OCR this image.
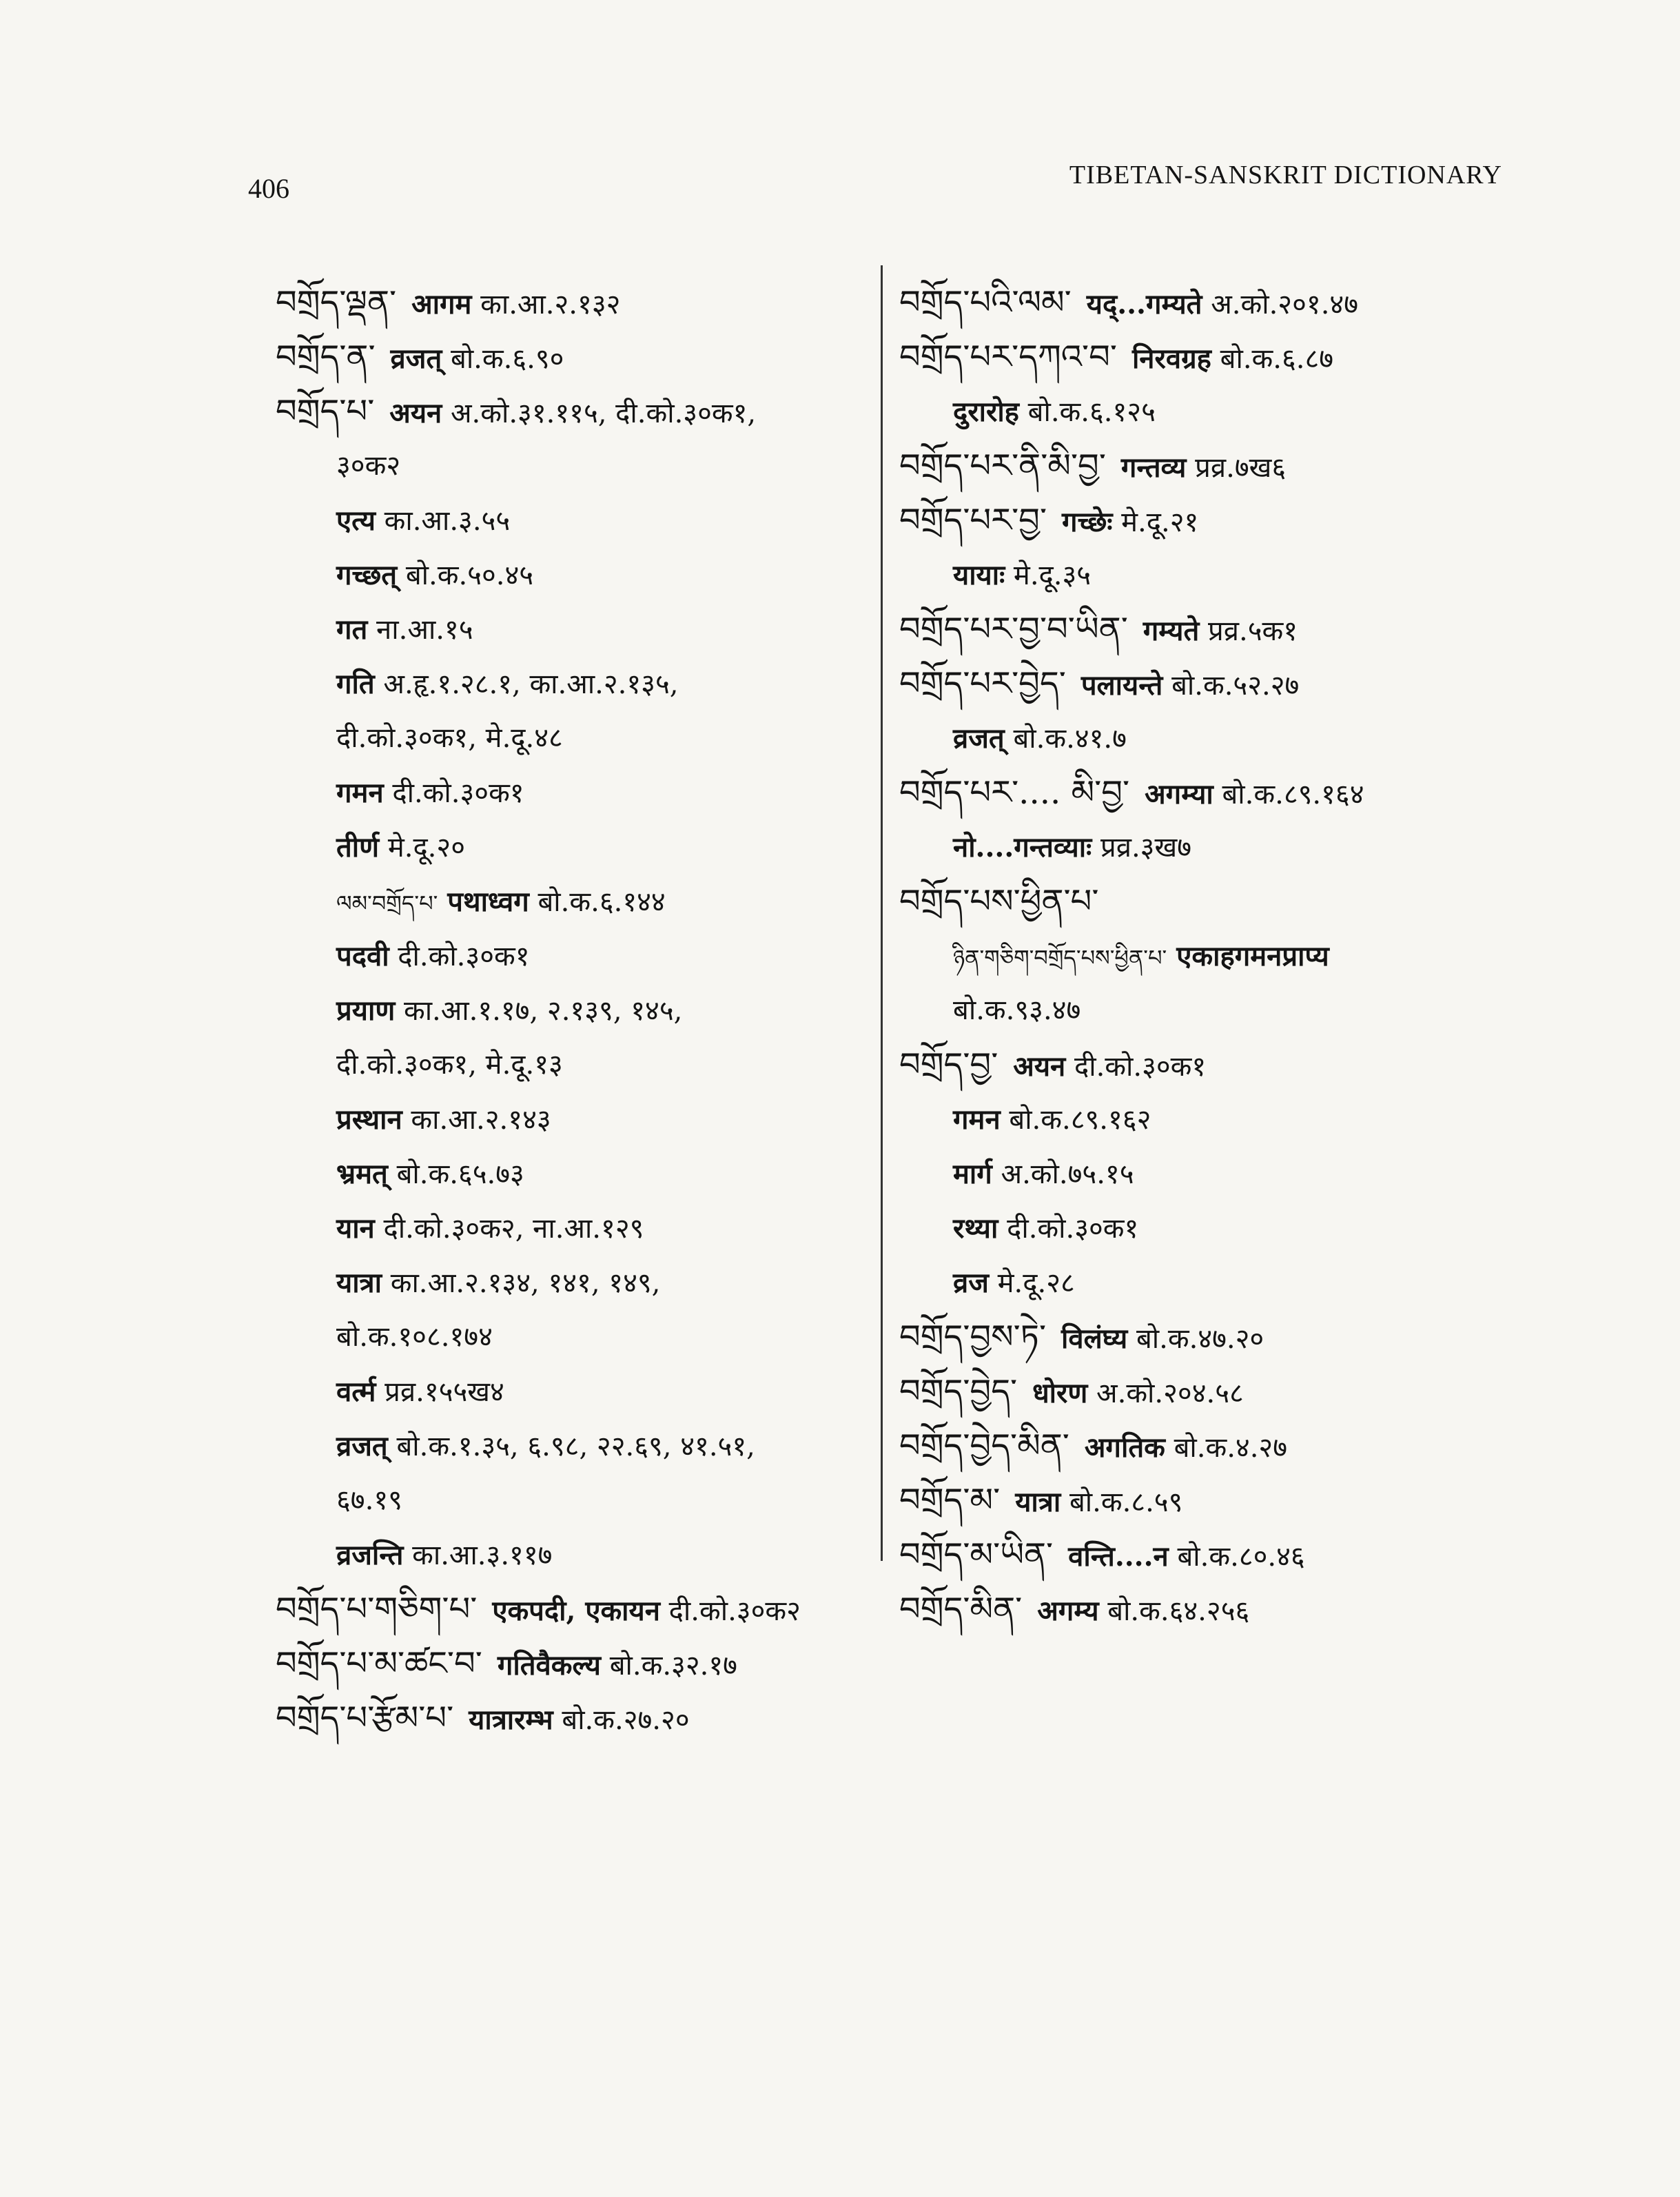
406	TIBETAN-SANSKRIT DICTIONARY
བགྲོད་ལྡན་ आगम का.आ.२.१३२
བགྲོད་ན་ व्रजत् बो.क.६.९०
བགྲོད་པ་ अयन अ.को.३१.११५, दी.को.३०क१,
३०क२
एत्य का.आ.३.५५
गच्छत् बो.क.५०.४५
गत ना.आ.१५
गति अ.हृ.१.२८.१, का.आ.२.१३५,
दी.को.३०क१, मे.दू.४८
गमन दी.को.३०क१
तीर्ण मे.दू.२०
ལམ་བགྲོད་པ་ पथाध्वग बो.क.६.१४४
पदवी दी.को.३०क१
प्रयाण का.आ.१.१७, २.१३९, १४५,
दी.को.३०क१, मे.दू.१३
प्रस्थान का.आ.२.१४३
भ्रमत् बो.क.६५.७३
यान दी.को.३०क२, ना.आ.१२९
यात्रा का.आ.२.१३४, १४१, १४९,
बो.क.१०८.१७४
वर्त्म प्रव्र.१५५ख४
व्रजत् बो.क.१.३५, ६.९८, २२.६९, ४१.५१,
६७.१९
व्रजन्ति का.आ.३.११७
བགྲོད་པ་གཅིག་པ་ एकपदी, एकायन दी.को.३०क२
བགྲོད་པ་མ་ཚང་བ་ गतिवैकल्य बो.क.३२.१७
བགྲོད་པ་རྩོམ་པ་ यात्रारम्भ बो.क.२७.२०
བགྲོད་པའི་ལམ་ यद्...गम्यते अ.को.२०१.४७
བགྲོད་པར་དཀའ་བ་ निरवग्रह बो.क.६.८७
दुरारोह बो.क.६.१२५
བགྲོད་པར་ནི་མི་བྱ་ गन्तव्य प्रव्र.७ख६
བགྲོད་པར་བྱ་ गच्छेः मे.दू.२१
यायाः मे.दू.३५
བགྲོད་པར་བྱ་བ་ཡིན་ गम्यते प्रव्र.५क१
བགྲོད་པར་བྱེད་ पलायन्ते बो.क.५२.२७
व्रजत् बो.क.४१.७
བགྲོད་པར་.... མི་བྱ་ अगम्या बो.क.८९.१६४
नो....गन्तव्याः प्रव्र.३ख७
བགྲོད་པས་ཕྱིན་པ་
ཉིན་གཅིག་བགྲོད་པས་ཕྱིན་པ་ एकाहगमनप्राप्य
बो.क.९३.४७
བགྲོད་བྱ་ अयन दी.को.३०क१
गमन बो.क.८९.१६२
मार्ग अ.को.७५.१५
रथ्या दी.को.३०क१
व्रज मे.दू.२८
བགྲོད་བྱས་ཏེ་ विलंघ्य बो.क.४७.२०
བགྲོད་བྱེད་ धोरण अ.को.२०४.५८
བགྲོད་བྱེད་མིན་ अगतिक बो.क.४.२७
བགྲོད་མ་ यात्रा बो.क.८.५९
བགྲོད་མ་ཡིན་ वन्ति....न बो.क.८०.४६
བགྲོད་མིན་ अगम्य बो.क.६४.२५६
